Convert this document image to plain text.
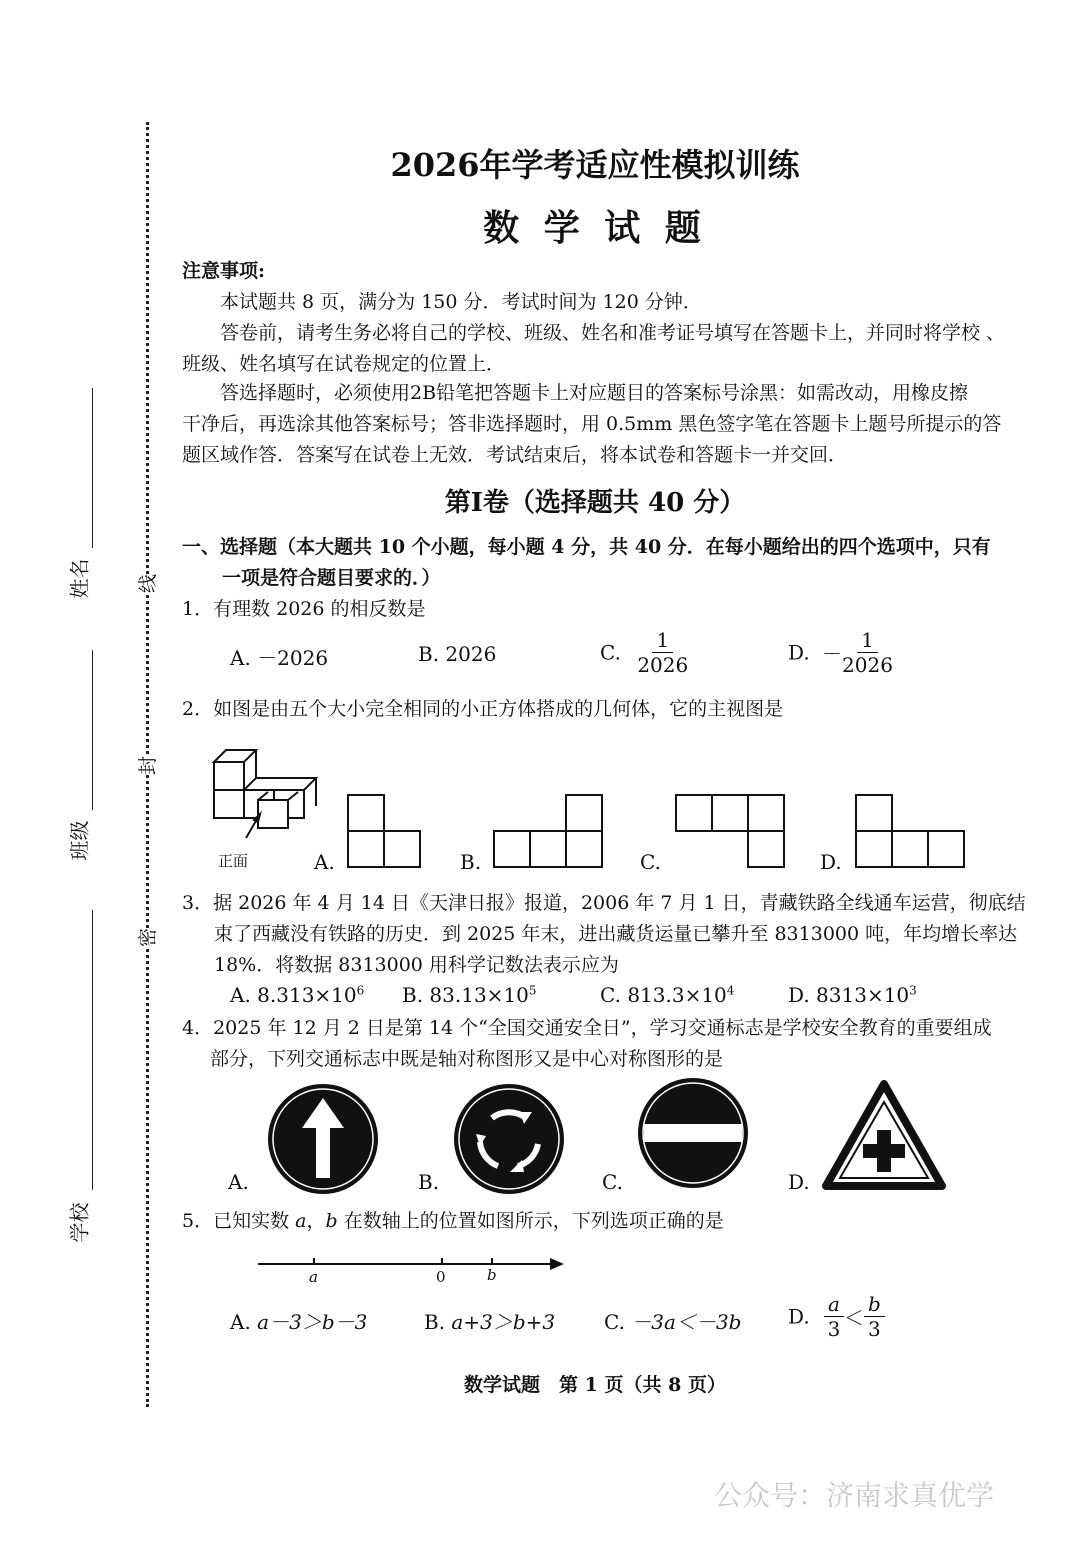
姓名
班级
学校
线
封
密
2026年学考适应性模拟训练
数 学 试 题
注意事项:
本试题共 8 页，满分为 150 分．考试时间为 120 分钟．
答卷前，请考生务必将自己的学校、班级、姓名和准考证号填写在答题卡上，并同时将学校 、
班级、姓名填写在试卷规定的位置上．
答选择题时，必须使用2B铅笔把答题卡上对应题目的答案标号涂黑：如需改动，用橡皮擦
干净后，再选涂其他答案标号；答非选择题时，用 0.5mm 黑色签字笔在答题卡上题号所提示的答
题区域作答．答案写在试卷上无效．考试结束后，将本试卷和答题卡一并交回．
第I卷（选择题共 40 分）
一、选择题（本大题共 10 个小题，每小题 4 分，共 40 分．在每小题给出的四个选项中，只有
一项是符合题目要求的．）
1．有理数 2026 的相反数是
A. －2026	B. 2026	C. $\frac{1}{2026}$	D. － $\frac{1}{2026}$
2．如图是由五个大小完全相同的小正方体搭成的几何体，它的主视图是
正面	A.	B.	C.	D.
3．据 2026 年 4 月 14 日《天津日报》报道，2006 年 7 月 1 日，青藏铁路全线通车运营，彻底结
束了西藏没有铁路的历史．到 2025 年末，进出藏货运量已攀升至 8313000 吨，年均增长率达
18%．将数据 8313000 用科学记数法表示应为
A. $8.313\times 10^6$ B. $83.13\times 10^5$	C. $813.3\times 10^4$	D. $8313\times 10^3$
4．2025 年 12 月 2 日是第 14 个“全国交通安全日”，学习交通标志是学校安全教育的重要组成
部分，下列交通标志中既是轴对称图形又是中心对称图形的是
A.	B.	C.	D.
5．已知实数 a，b 在数轴上的位置如图所示，下列选项正确的是
a	0	b
A. a－3＞b－3	B. a+3＞b+3 C. －3a＜－3b D. $\frac{a}{3} < \frac{b}{3}$
数学试题　第 1 页（共 8 页）
公众号：济南求真优学
